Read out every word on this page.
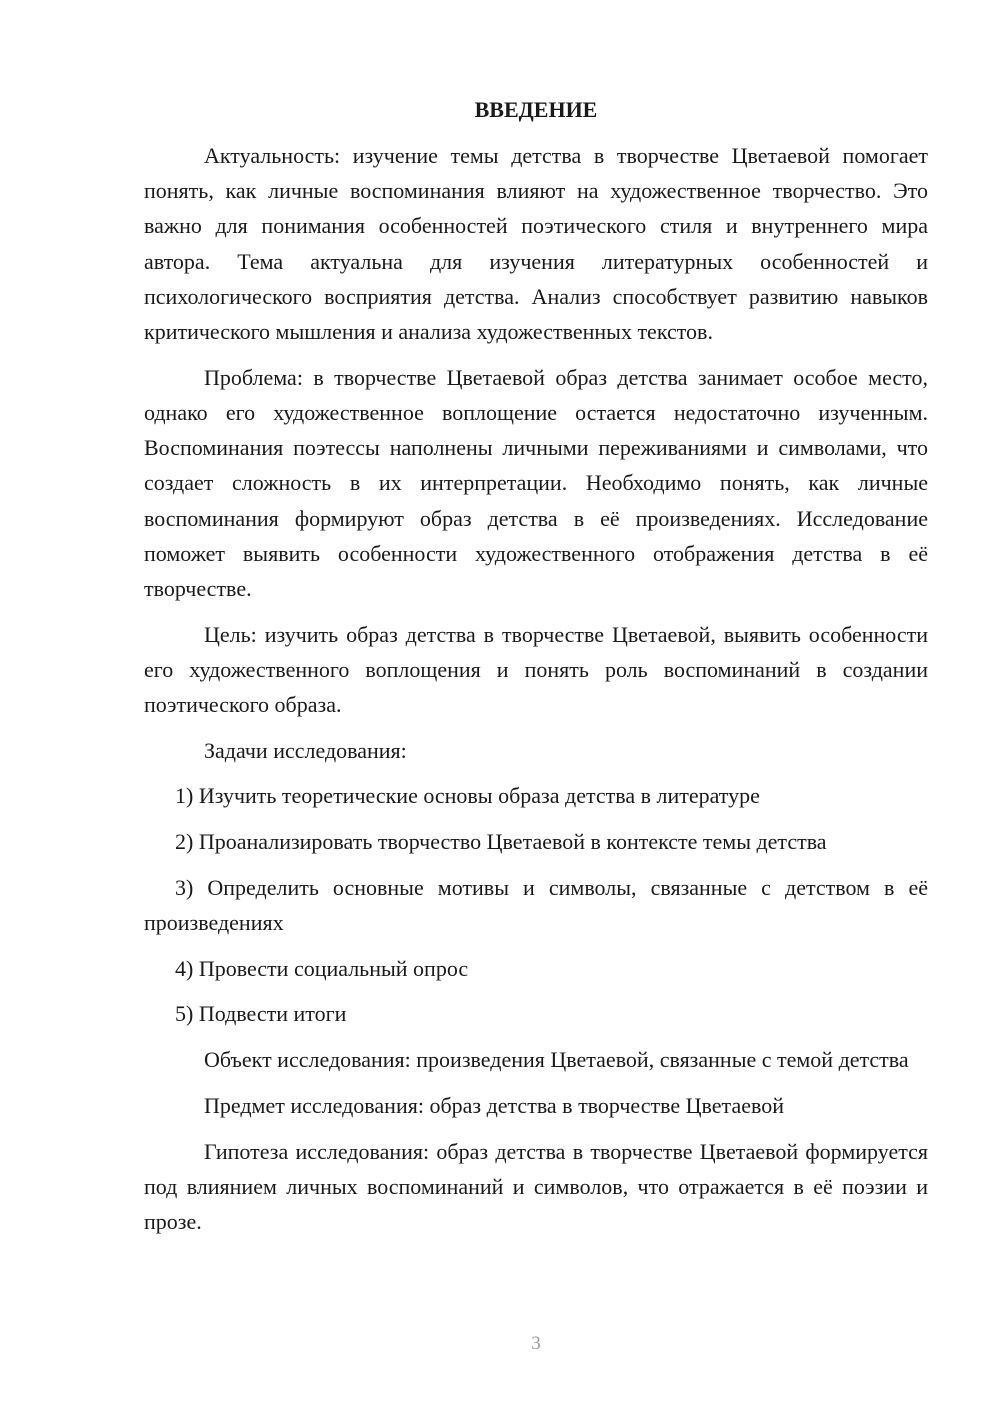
ВВЕДЕНИЕ

Актуальность: изучение темы детства в творчестве Цветаевой помогает понять, как личные воспоминания влияют на художественное творчество. Это важно для понимания особенностей поэтического стиля и внутреннего мира автора. Тема актуальна для изучения литературных особенностей и психологического восприятия детства. Анализ способствует развитию навыков критического мышления и анализа художественных текстов.

Проблема: в творчестве Цветаевой образ детства занимает особое место, однако его художественное воплощение остается недостаточно изученным. Воспоминания поэтессы наполнены личными переживаниями и символами, что создает сложность в их интерпретации. Необходимо понять, как личные воспоминания формируют образ детства в её произведениях. Исследование поможет выявить особенности художественного отображения детства в её творчестве.

Цель: изучить образ детства в творчестве Цветаевой, выявить особенности его художественного воплощения и понять роль воспоминаний в создании поэтического образа.

Задачи исследования:

1) Изучить теоретические основы образа детства в литературе

2) Проанализировать творчество Цветаевой в контексте темы детства

3) Определить основные мотивы и символы, связанные с детством в её произведениях

4) Провести социальный опрос

5) Подвести итоги

Объект исследования: произведения Цветаевой, связанные с темой детства

Предмет исследования: образ детства в творчестве Цветаевой

Гипотеза исследования: образ детства в творчестве Цветаевой формируется под влиянием личных воспоминаний и символов, что отражается в её поэзии и прозе.

3
